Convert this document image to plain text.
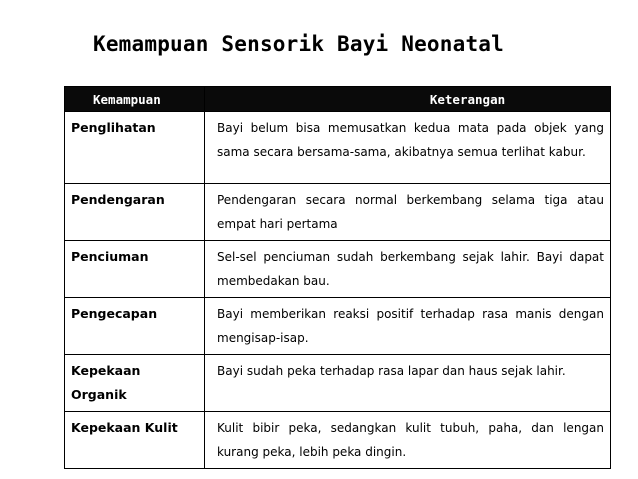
Kemampuan Sensorik Bayi Neonatal
Kemampuan	Keterangan
Penglihatan	Bayi belum bisa memusatkan kedua mata pada objek yang sama secara bersama-sama, akibatnya semua terlihat kabur.
Pendengaran	Pendengaran secara normal berkembang selama tiga atau empat hari pertama
Penciuman	Sel-sel penciuman sudah berkembang sejak lahir. Bayi dapat membedakan bau.
Pengecapan	Bayi memberikan reaksi positif terhadap rasa manis dengan mengisap-isap.
Kepekaan Organik	Bayi sudah peka terhadap rasa lapar dan haus sejak lahir.
Kepekaan Kulit	Kulit bibir peka, sedangkan kulit tubuh, paha, dan lengan kurang peka, lebih peka dingin.
